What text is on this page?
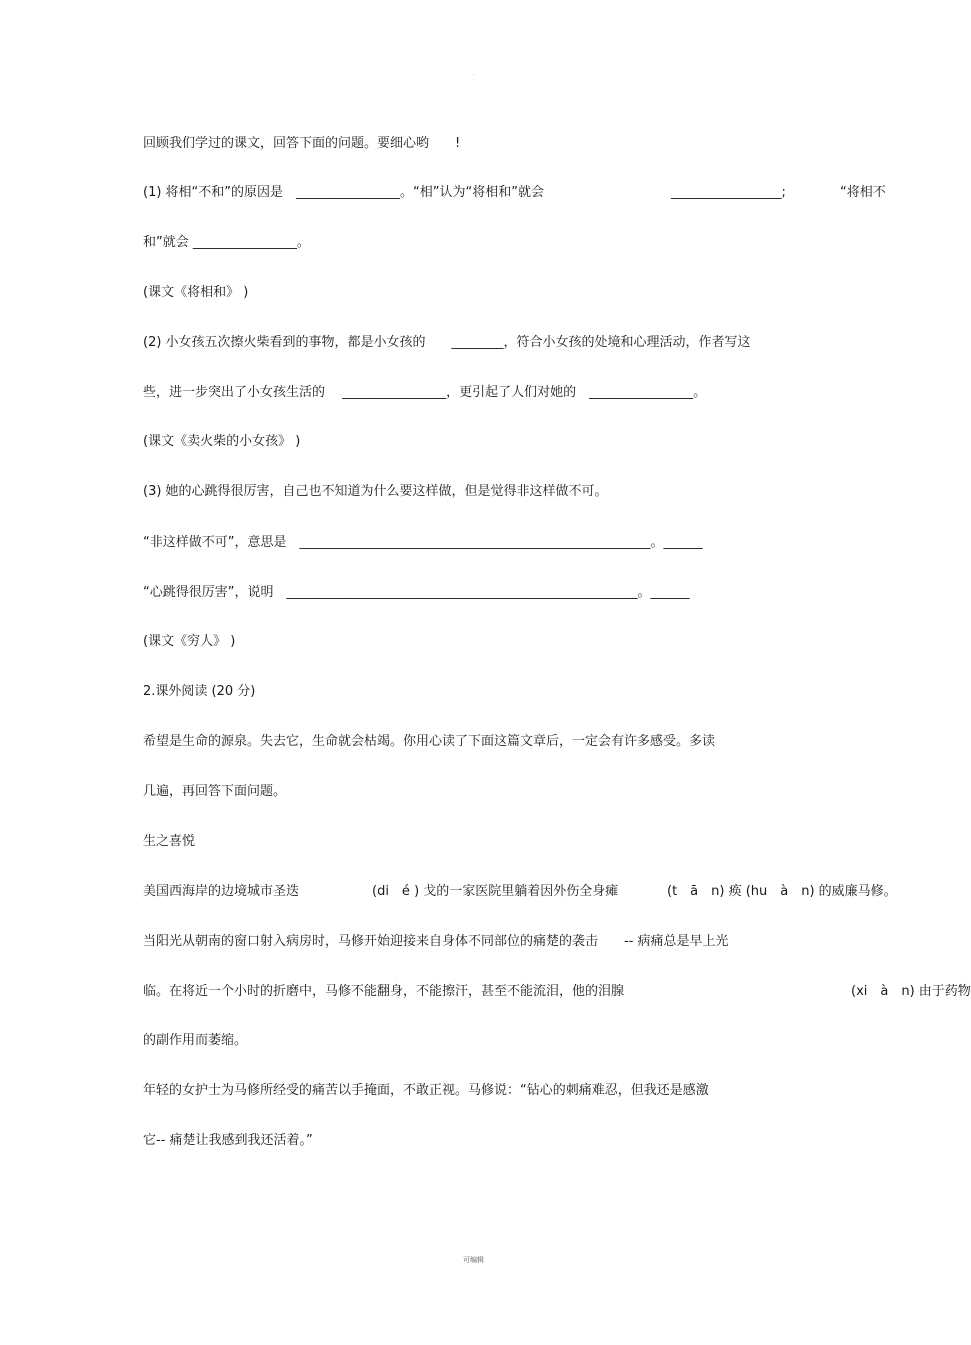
.
回顾我们学过的课文，回答下面的问题。要细心哟　　!
(1) 将相“不和”的原因是　________________。“相”认为“将相和”就会	_________________;	“将相不
和”就会 ________________。
(课文《将相和》 )
(2) 小女孩五次擦火柴看到的事物，都是小女孩的　　________，符合小女孩的处境和心理活动，作者写这
些，进一步突出了小女孩生活的　 ________________，更引起了人们对她的　________________。
(课文《卖火柴的小女孩》 )
(3) 她的心跳得很厉害，自己也不知道为什么要这样做，但是觉得非这样做不可。
“非这样做不可”，意思是　______________________________________________________。______
“心跳得很厉害”，说明　______________________________________________________。______
(课文《穷人》 )
2.课外阅读 (20 分)
希望是生命的源泉。失去它，生命就会枯竭。你用心读了下面这篇文章后，一定会有许多感受。多读
几遍，再回答下面问题。
生之喜悦
美国西海岸的边境城市圣迭	(di　é ) 戈的一家医院里躺着因外伤全身瘫	(t　ā　n) 痪 (hu　à　n) 的威廉马修。
当阳光从朝南的窗口射入病房时，马修开始迎接来自身体不同部位的痛楚的袭击　　-- 病痛总是早上光
临。在将近一个小时的折磨中，马修不能翻身，不能擦汗，甚至不能流泪，他的泪腺	(xi　à　n) 由于药物
的副作用而萎缩。
年轻的女护士为马修所经受的痛苦以手掩面，不敢正视。马修说：“钻心的刺痛难忍，但我还是感激
它-- 痛楚让我感到我还活着。”
可编辑
